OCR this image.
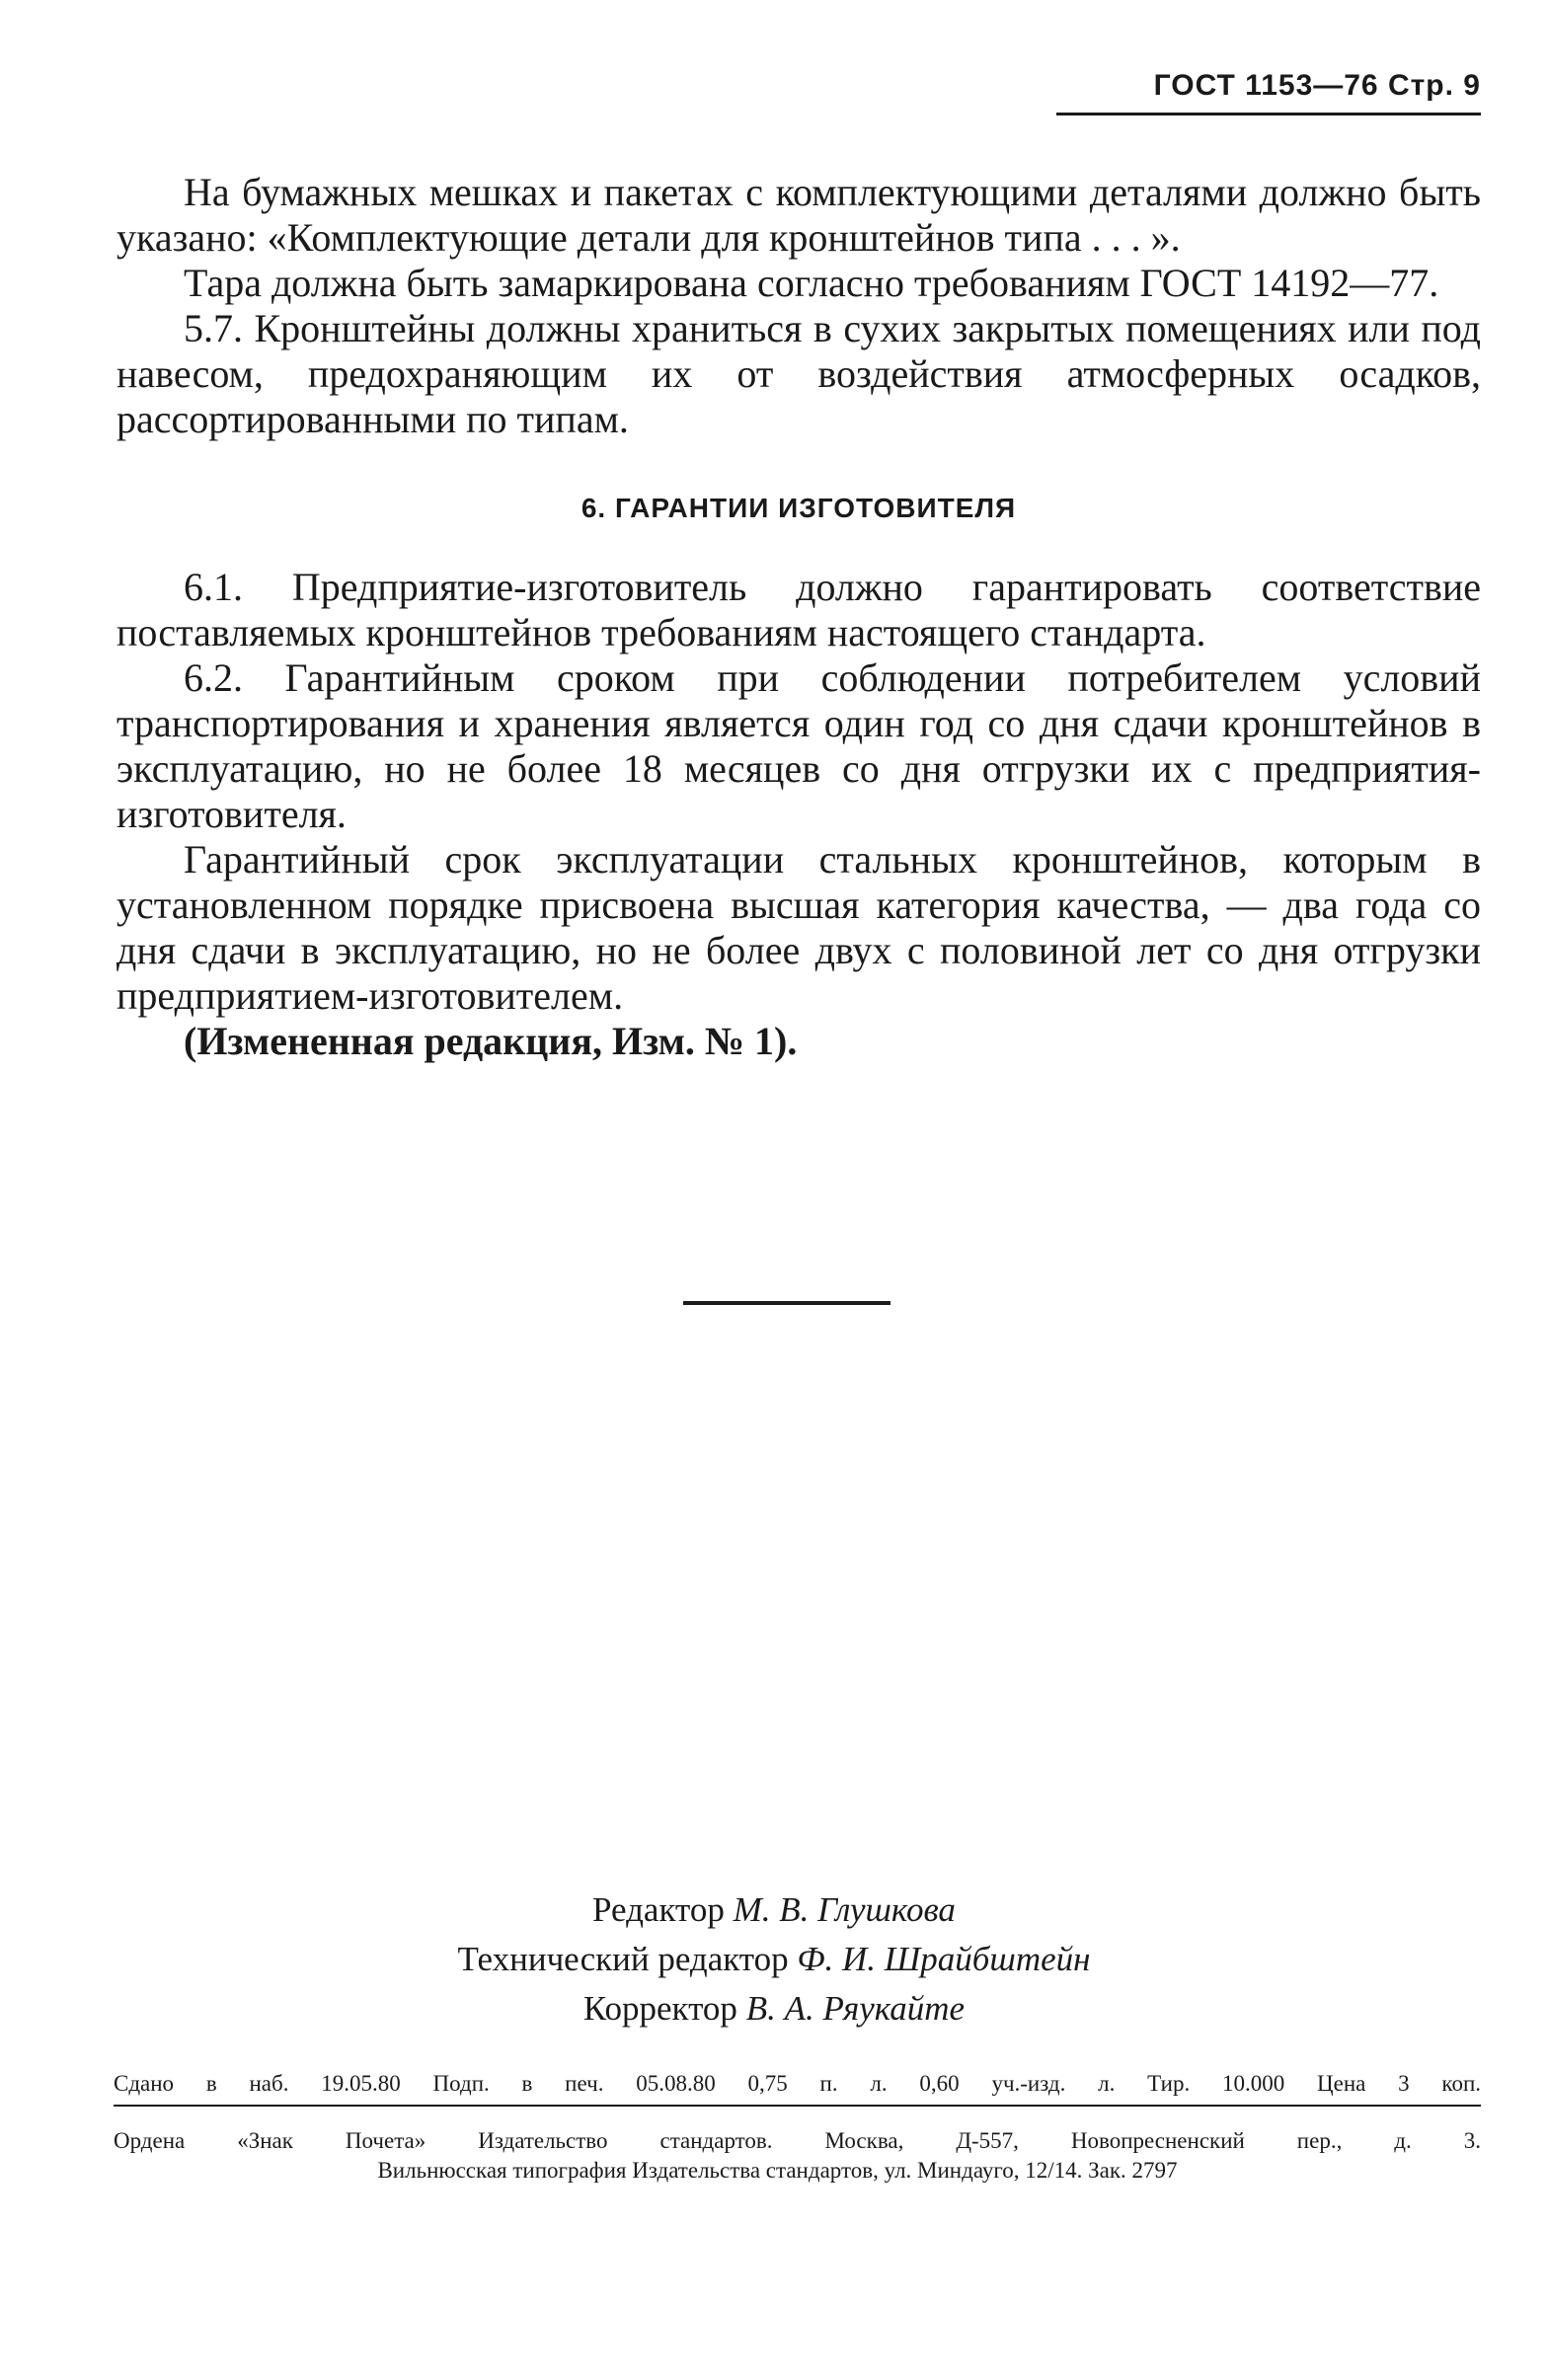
ГОСТ 1153—76 Стр. 9

На бумажных мешках и пакетах с комплектующими деталями должно быть указано: «Комплектующие детали для кронштейнов типа . . . ».

Тара должна быть замаркирована согласно требованиям ГОСТ 14192—77.

5.7. Кронштейны должны храниться в сухих закрытых помещениях или под навесом, предохраняющим их от воздействия атмосферных осадков, рассортированными по типам.

6. ГАРАНТИИ ИЗГОТОВИТЕЛЯ

6.1. Предприятие-изготовитель должно гарантировать соответствие поставляемых кронштейнов требованиям настоящего стандарта.

6.2. Гарантийным сроком при соблюдении потребителем условий транспортирования и хранения является один год со дня сдачи кронштейнов в эксплуатацию, но не более 18 месяцев со дня отгрузки их с предприятия-изготовителя.

Гарантийный срок эксплуатации стальных кронштейнов, которым в установленном порядке присвоена высшая категория качества, — два года со дня сдачи в эксплуатацию, но не более двух с половиной лет со дня отгрузки предприятием-изготовителем.

(Измененная редакция, Изм. № 1).

Редактор М. В. Глушкова
Технический редактор Ф. И. Шрайбштейн
Корректор В. А. Ряукайте
Сдано в наб. 19.05.80 Подп. в печ. 05.08.80 0,75 п. л. 0,60 уч.-изд. л. Тир. 10.000 Цена 3 коп.
Ордена «Знак Почета» Издательство стандартов. Москва, Д-557, Новопресненский пер., д. 3.
Вильнюсская типография Издательства стандартов, ул. Миндауго, 12/14. Зак. 2797
